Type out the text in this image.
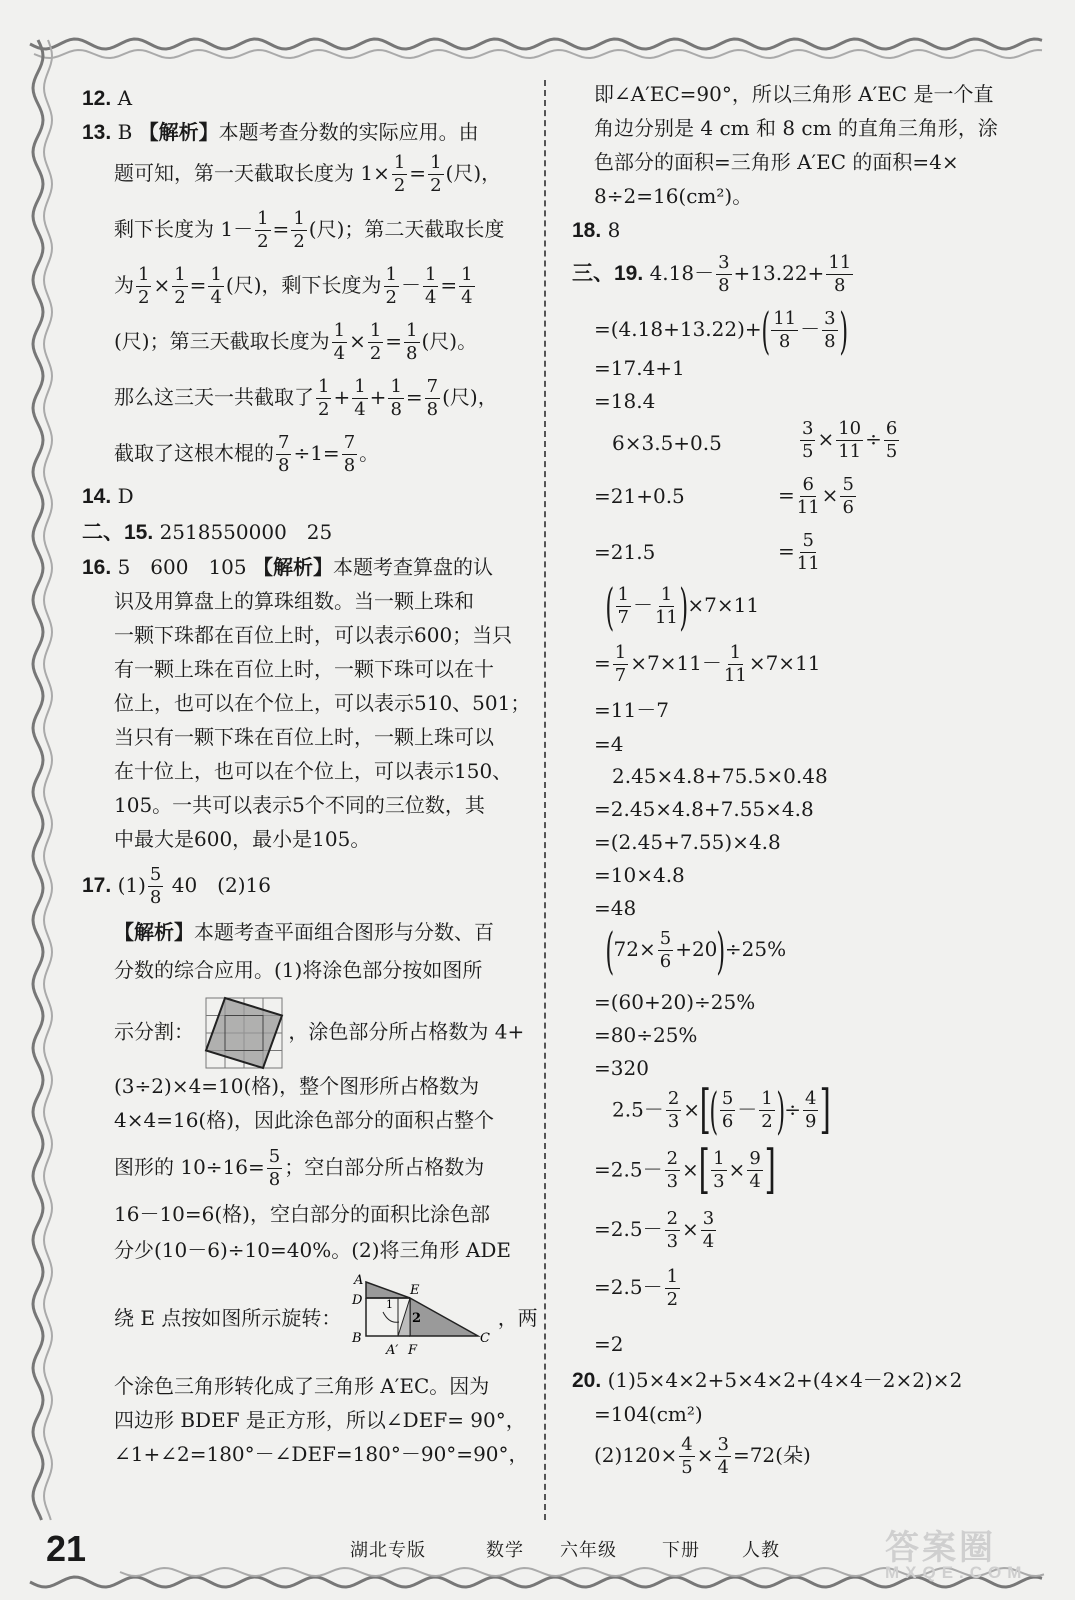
12. A
13. B 【解析】本题考查分数的实际应用。由
题可知，第一天截取长度为 $1\times \frac{1}{2} = \frac{1}{2}$ (尺)，
剩下长度为 $1- \frac{1}{2} = \frac{1}{2}$ (尺)；第二天截取长度
为 $\frac{1}{2} \times \frac{1}{2} = \frac{1}{4}$ (尺)，剩下长度为 $\frac{1}{2} - \frac{1}{4} = \frac{1}{4}$
(尺)；第三天截取长度为 $\frac{1}{4} \times \frac{1}{2} = \frac{1}{8}$ (尺)。
那么这三天一共截取了 $\frac{1}{2} + \frac{1}{4} + \frac{1}{8} = \frac{7}{8}$ (尺)，
截取了这根木棍的 $\frac{7}{8} \div 1= \frac{7}{8}$ 。
14. D
二、15. 2518550000　25
16. 5　600　105 【解析】本题考查算盘的认
识及用算盘上的算珠组数。当一颗上珠和
一颗下珠都在百位上时，可以表示600；当只
有一颗上珠在百位上时，一颗下珠可以在十
位上，也可以在个位上，可以表示510、501；
当只有一颗下珠在百位上时，一颗上珠可以
在十位上，也可以在个位上，可以表示150、
105。一共可以表示5个不同的三位数，其
中最大是600，最小是105。
17. $(1) \frac{5}{8} 40$　(2)16
【解析】本题考查平面组合图形与分数、百
分数的综合应用。(1)将涂色部分按如图所
示分割：	，涂色部分所占格数为 4+
(3÷2)×4=10(格)，整个图形所占格数为
4×4=16(格)，因此涂色部分的面积占整个
图形的 $10\div 16= \frac{5}{8}$ ；空白部分所占格数为
16－10=6(格)，空白部分的面积比涂色部
分少(10－6)÷10=40%。(2)将三角形 ADE
绕 E 点按如图所示旋转：
A
D
B
E
C
A′ F
1
2	，两
个涂色三角形转化成了三角形 A′EC。因为
四边形 BDEF 是正方形，所以∠DEF= 90°，
∠1+∠2=180°－∠DEF=180°－90°=90°，
即∠A′EC=90°，所以三角形 A′EC 是一个直
角边分别是 4 cm 和 8 cm 的直角三角形，涂
色部分的面积=三角形 A′EC 的面积=4×
8÷2=16(cm²)。
18. 8
三、19. $4.18- \frac{3}{8} +13.22+ \frac{11}{8}$
$=(4.18+13.22)+( \frac{11}{8} - \frac{3}{8}$ )
=17.4+1
=18.4
6×3.5+0.5
=21+0.5
=21.5
$\frac{3}{5} \times \frac{10}{11} \div \frac{6}{5}$
= $\frac{6}{11} \times \frac{5}{6}$
= $\frac{5}{11}$
( $\frac{1}{7} - \frac{1}{11} )\times 7\times 11$
= $\frac{1}{7} \times 7\times 11- \frac{1}{11} \times 7\times 11$
=11－7
=4
2.45×4.8+75.5×0.48
=2.45×4.8+7.55×4.8
=(2.45+7.55)×4.8
=10×4.8
=48
$(72\times \frac{5}{6} +20)\div 25\%$
=(60+20)÷25%
=80÷25%
=320
$2.5- \frac{2}{3}$ ×[( $\frac{5}{6} - \frac{1}{2}$ )÷ $\frac{4}{9}$ ]
$=2.5- \frac{2}{3}$ ×[ $\frac{1}{3} \times \frac{9}{4}$ ]
$=2.5- \frac{2}{3} \times \frac{3}{4}$
$=2.5- \frac{1}{2}$
=2
20. (1)5×4×2+5×4×2+(4×4－2×2)×2
=104(cm²)
$(2)120\times \frac{4}{5} \times \frac{3}{4} =72$(朵)
21	湖北专版	数学 六年级	下册 人教	答案圈
MXQE.COM
